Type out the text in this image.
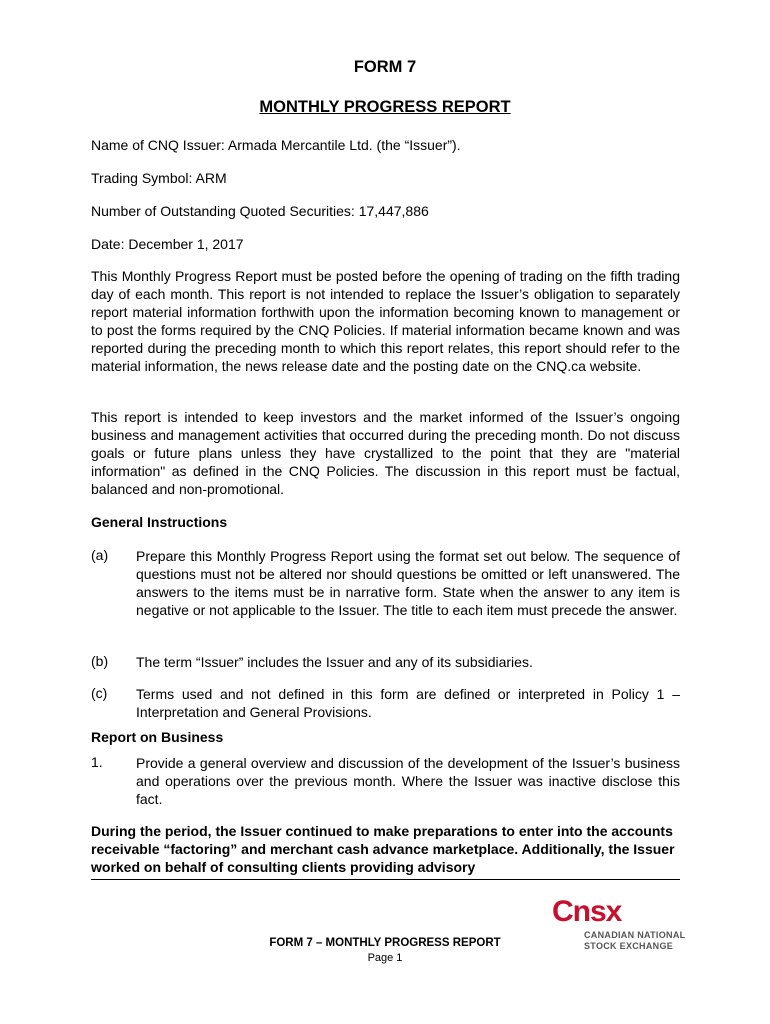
FORM 7
MONTHLY PROGRESS REPORT
Name of CNQ Issuer: Armada Mercantile Ltd. (the “Issuer”).
Trading Symbol: ARM
Number of Outstanding Quoted Securities: 17,447,886
Date: December 1, 2017
This Monthly Progress Report must be posted before the opening of trading on the fifth trading day of each month. This report is not intended to replace the Issuer’s obligation to separately report material information forthwith upon the information becoming known to management or to post the forms required by the CNQ Policies. If material information became known and was reported during the preceding month to which this report relates, this report should refer to the material information, the news release date and the posting date on the CNQ.ca website.
This report is intended to keep investors and the market informed of the Issuer’s ongoing business and management activities that occurred during the preceding month. Do not discuss goals or future plans unless they have crystallized to the point that they are "material information" as defined in the CNQ Policies. The discussion in this report must be factual, balanced and non-promotional.
General Instructions
(a) Prepare this Monthly Progress Report using the format set out below. The sequence of questions must not be altered nor should questions be omitted or left unanswered. The answers to the items must be in narrative form. State when the answer to any item is negative or not applicable to the Issuer. The title to each item must precede the answer.
(b) The term “Issuer” includes the Issuer and any of its subsidiaries.
(c) Terms used and not defined in this form are defined or interpreted in Policy 1 – Interpretation and General Provisions.
Report on Business
1. Provide a general overview and discussion of the development of the Issuer’s business and operations over the previous month. Where the Issuer was inactive disclose this fact.
During the period, the Issuer continued to make preparations to enter into the accounts receivable “factoring” and merchant cash advance marketplace. Additionally, the Issuer worked on behalf of consulting clients providing advisory
FORM 7 – MONTHLY PROGRESS REPORT
Page 1
Cnsx
CANADIAN NATIONAL
STOCK EXCHANGE
